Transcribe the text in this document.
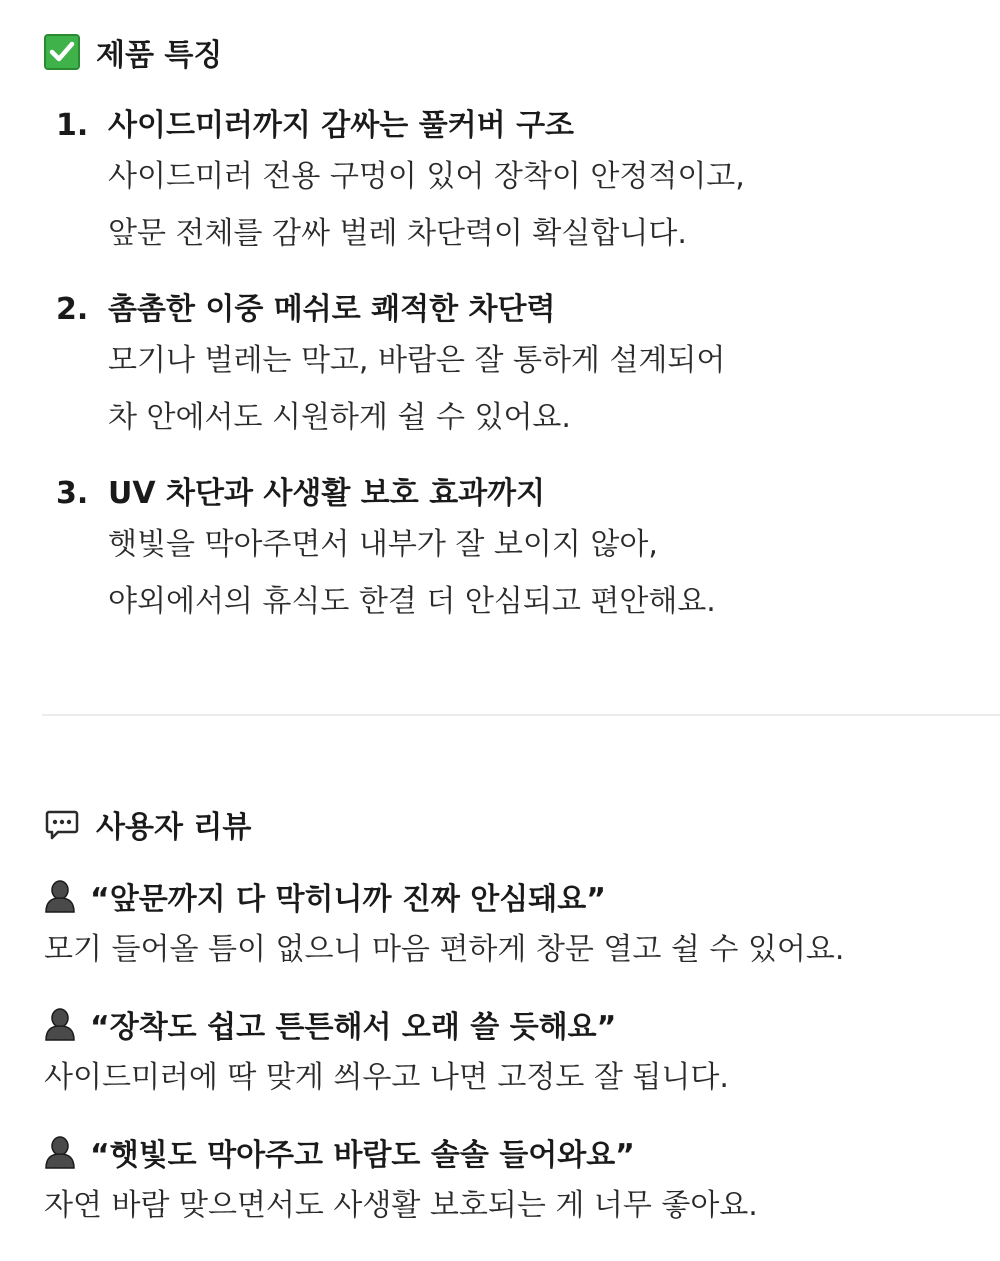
제품 특징
1. 사이드미러까지 감싸는 풀커버 구조
사이드미러 전용 구멍이 있어 장착이 안정적이고,
앞문 전체를 감싸 벌레 차단력이 확실합니다.
2. 촘촘한 이중 메쉬로 쾌적한 차단력
모기나 벌레는 막고, 바람은 잘 통하게 설계되어
차 안에서도 시원하게 쉴 수 있어요.
3. UV 차단과 사생활 보호 효과까지
햇빛을 막아주면서 내부가 잘 보이지 않아,
야외에서의 휴식도 한결 더 안심되고 편안해요.
사용자 리뷰
“앞문까지 다 막히니까 진짜 안심돼요”
모기 들어올 틈이 없으니 마음 편하게 창문 열고 쉴 수 있어요.
“장착도 쉽고 튼튼해서 오래 쓸 듯해요”
사이드미러에 딱 맞게 씌우고 나면 고정도 잘 됩니다.
“햇빛도 막아주고 바람도 솔솔 들어와요”
자연 바람 맞으면서도 사생활 보호되는 게 너무 좋아요.
